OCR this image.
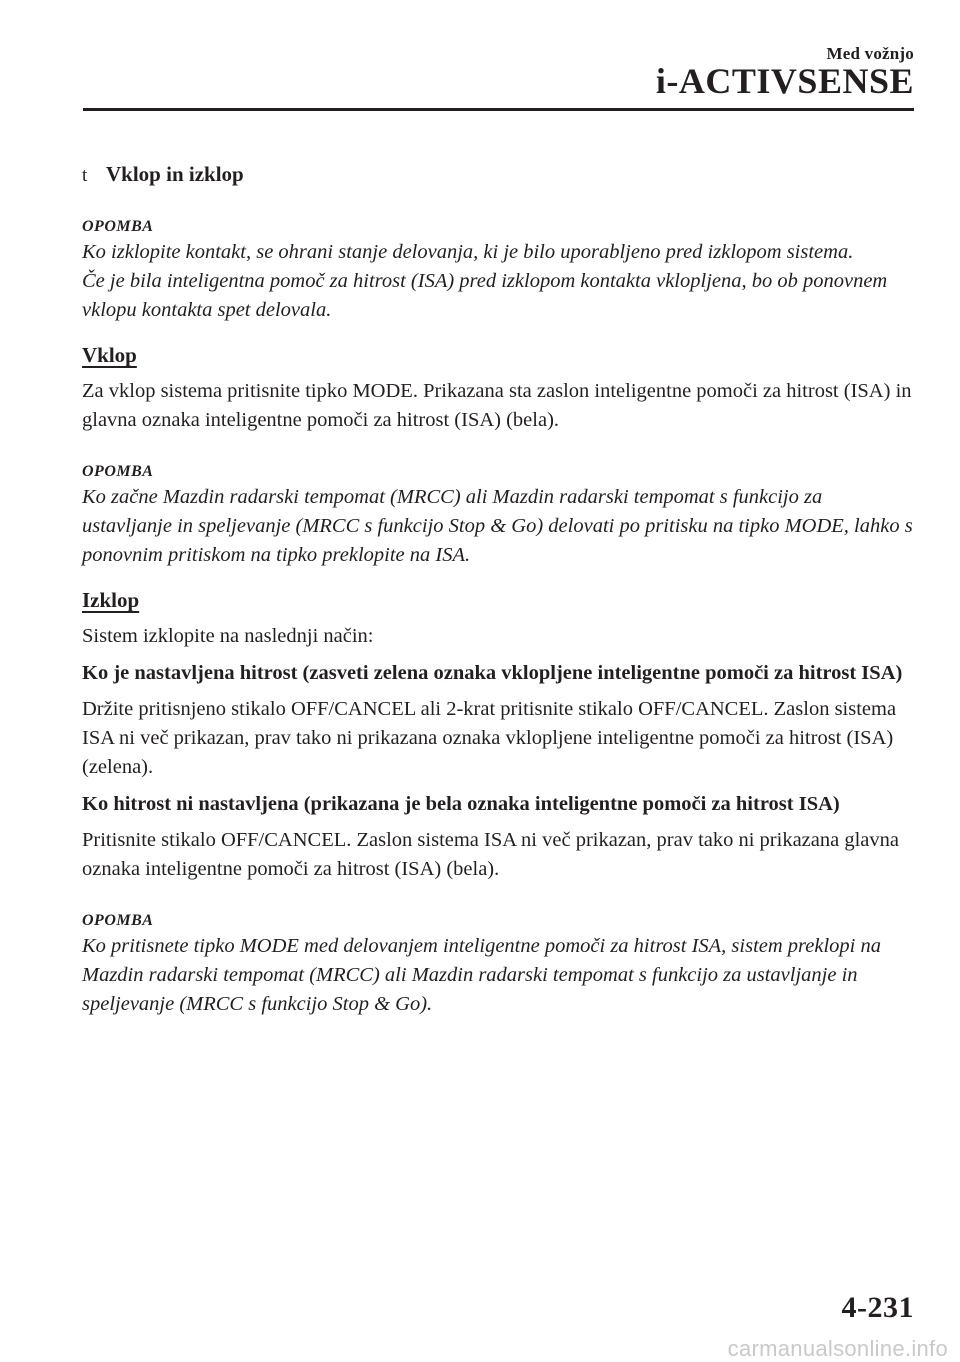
Med vožnjo
i-ACTIVSENSE
t Vklop in izklop
OPOMBA
Ko izklopite kontakt, se ohrani stanje delovanja, ki je bilo uporabljeno pred izklopom sistema.
Če je bila inteligentna pomoč za hitrost (ISA) pred izklopom kontakta vklopljena, bo ob ponovnem vklopu kontakta spet delovala.
Vklop
Za vklop sistema pritisnite tipko MODE. Prikazana sta zaslon inteligentne pomoči za hitrost (ISA) in glavna oznaka inteligentne pomoči za hitrost (ISA) (bela).
OPOMBA
Ko začne Mazdin radarski tempomat (MRCC) ali Mazdin radarski tempomat s funkcijo za ustavljanje in speljevanje (MRCC s funkcijo Stop & Go) delovati po pritisku na tipko MODE, lahko s ponovnim pritiskom na tipko preklopite na ISA.
Izklop
Sistem izklopite na naslednji način:
Ko je nastavljena hitrost (zasveti zelena oznaka vklopljene inteligentne pomoči za hitrost ISA)
Držite pritisnjeno stikalo OFF/CANCEL ali 2-krat pritisnite stikalo OFF/CANCEL. Zaslon sistema ISA ni več prikazan, prav tako ni prikazana oznaka vklopljene inteligentne pomoči za hitrost (ISA) (zelena).
Ko hitrost ni nastavljena (prikazana je bela oznaka inteligentne pomoči za hitrost ISA)
Pritisnite stikalo OFF/CANCEL. Zaslon sistema ISA ni več prikazan, prav tako ni prikazana glavna oznaka inteligentne pomoči za hitrost (ISA) (bela).
OPOMBA
Ko pritisnete tipko MODE med delovanjem inteligentne pomoči za hitrost ISA, sistem preklopi na Mazdin radarski tempomat (MRCC) ali Mazdin radarski tempomat s funkcijo za ustavljanje in speljevanje (MRCC s funkcijo Stop & Go).
4-231
carmanualsonline.info
